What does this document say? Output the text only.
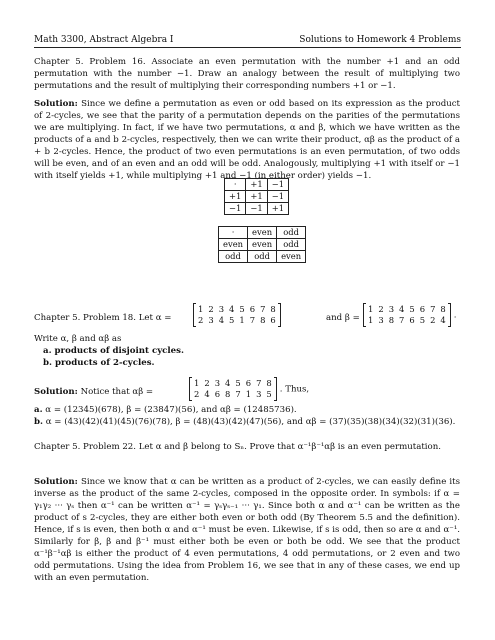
Math 3300, Abstract Algebra I	Solutions to Homework 4 Problems
Chapter 5. Problem 16. Associate an even permutation with the number +1 and an odd permutation with the number −1. Draw an analogy between the result of multiplying two permutations and the result of multiplying their corresponding numbers +1 or −1.
Solution: Since we define a permutation as even or odd based on its expression as the product of 2-cycles, we see that the parity of a permutation depends on the parities of the permutations we are multiplying. In fact, if we have two permutations, α and β, which we have written as the products of a and b 2-cycles, respectively, then we can write their product, αβ as the product of a + b 2-cycles. Hence, the product of two even permutations is an even permutation, of two odds will be even, and of an even and an odd will be odd. Analogously, multiplying +1 with itself or −1 with itself yields +1, while multiplying +1 and −1 (in either order) yields −1.
·	+1	−1
+1	+1	−1
−1	−1	+1
·	even	odd
even	even	odd
odd	odd	even
Chapter 5. Problem 18. Let α =
1 2 3 4 5 6 7 8
2 3 4 5 1 7 8 6	and β =
1 2 3 4 5 6 7 8
1 3 8 7 6 5 2 4 .
Write α, β and αβ as
a. products of disjoint cycles.
b. products of 2-cycles.
Solution: Notice that αβ =
1 2 3 4 5 6 7 8
2 4 6 8 7 1 3 5 . Thus,
a. α = (12345)(678), β = (23847)(56), and αβ = (12485736).
b. α = (43)(42)(41)(45)(76)(78), β = (48)(43)(42)(47)(56), and αβ = (37)(35)(38)(34)(32)(31)(36).
Chapter 5. Problem 22. Let α and β belong to Sₙ. Prove that α⁻¹β⁻¹αβ is an even permutation.
Solution: Since we know that α can be written as a product of 2-cycles, we can easily define its inverse as the product of the same 2-cycles, composed in the opposite order. In symbols: if α = γ₁γ₂ ··· γₛ then α⁻¹ can be written α⁻¹ = γₛγₛ₋₁ ··· γ₁. Since both α and α⁻¹ can be written as the product of s 2-cycles, they are either both even or both odd (By Theorem 5.5 and the definition). Hence, if s is even, then both α and α⁻¹ must be even. Likewise, if s is odd, then so are α and α⁻¹. Similarly for β, β and β⁻¹ must either both be even or both be odd. We see that the product α⁻¹β⁻¹αβ is either the product of 4 even permutations, 4 odd permutations, or 2 even and two odd permutations. Using the idea from Problem 16, we see that in any of these cases, we end up with an even permutation.
